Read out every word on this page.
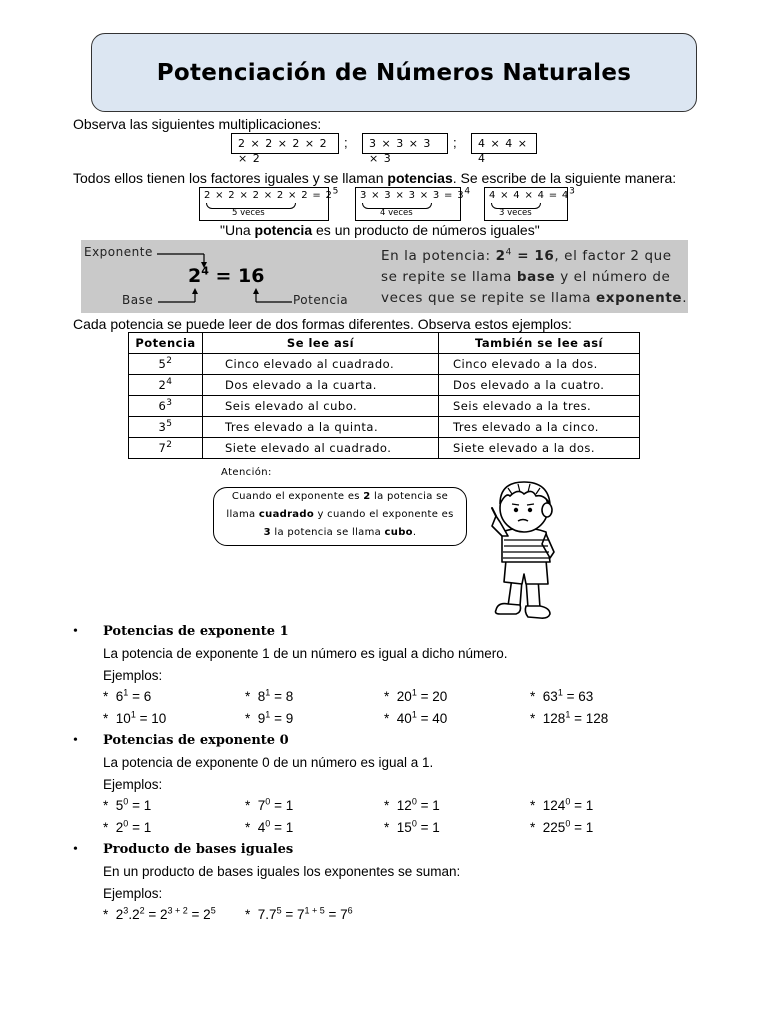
Potenciación de Números Naturales
Observa las siguientes multiplicaciones:
2 × 2 × 2 × 2 × 2
;	3 × 3 × 3 × 3
;	4 × 4 × 4
Todos ellos tienen los factores iguales y se llaman potencias. Se escribe de la siguiente manera:
$2 \times 2 \times 2 \times 2 \times 2 = 2^5$
5 veces
$3 \times 3 \times 3 \times 3 = 3^4$
4 veces
$4 \times 4 \times 4 = 4^3$
3 veces
"Una potencia es un producto de números iguales"
Exponente
Base	Potencia
$2^4 = 16$
En la potencia: $2^4 = 16$, el factor 2 que
se repite se llama base y el número de
veces que se repite se llama exponente.
Cada potencia se puede leer de dos formas diferentes. Observa estos ejemplos:
Potencia	Se lee así	También se lee así
$5^2$	Cinco elevado al cuadrado.	Cinco elevado a la dos.
$2^4$	Dos elevado a la cuarta.	Dos elevado a la cuatro.
$6^3$	Seis elevado al cubo.	Seis elevado a la tres.
$3^5$	Tres elevado a la quinta.	Tres elevado a la cinco.
$7^2$	Siete elevado al cuadrado.	Siete elevado a la dos.
Atención:
Cuando el exponente es 2 la potencia se
llama cuadrado y cuando el exponente es
3 la potencia se llama cubo.
• Potencias de exponente 1
La potencia de exponente 1 de un número es igual a dicho número.
Ejemplos:
* $6^1 = 6$	* $8^1 = 8$	* $20^1 = 20$	* $63^1 = 63$
* $10^1 = 10$	* $9^1 = 9$	* $40^1 = 40$	* $128^1 = 128$
• Potencias de exponente 0
La potencia de exponente 0 de un número es igual a 1.
Ejemplos:
* $5^0 = 1$	* $7^0 = 1$	* $12^0 = 1$	* $124^0 = 1$
* $2^0 = 1$	* $4^0 = 1$	* $15^0 = 1$	* $225^0 = 1$
• Producto de bases iguales
En un producto de bases iguales los exponentes se suman:
Ejemplos:
* $2^3.2^2 = 2^{3 + 2} = 2^5 * 7.7^5 = 7^{1 + 5} = 7^6$
